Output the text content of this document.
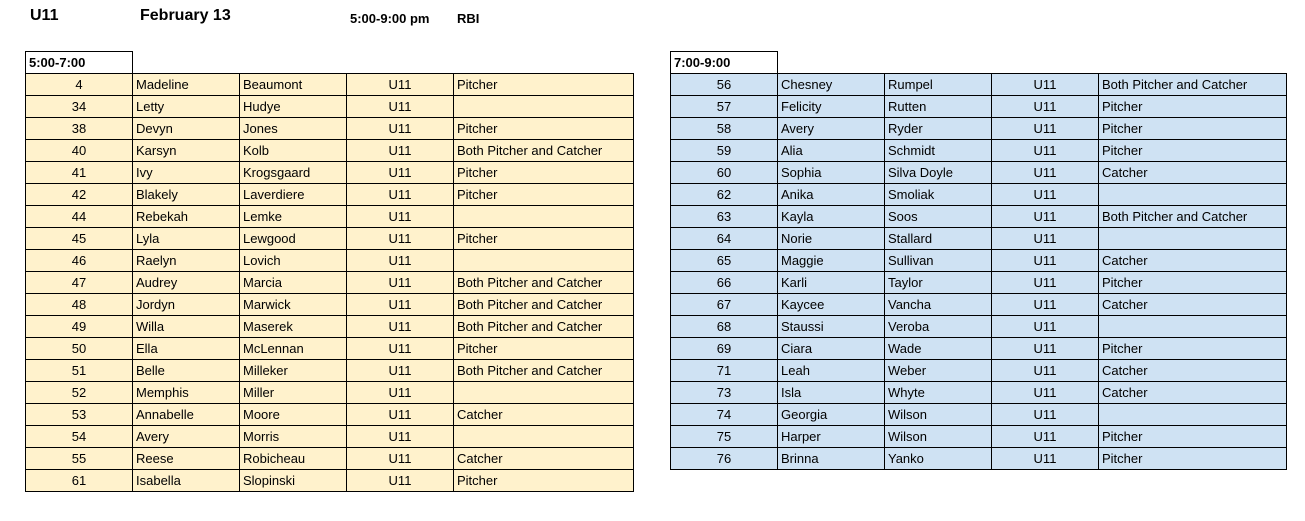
U11	February 13	5:00-9:00 pm RBI
5:00-7:00				
4	Madeline	Beaumont	U11	Pitcher
34	Letty	Hudye	U11	
38	Devyn	Jones	U11	Pitcher
40	Karsyn	Kolb	U11	Both Pitcher and Catcher
41	Ivy	Krogsgaard	U11	Pitcher
42	Blakely	Laverdiere	U11	Pitcher
44	Rebekah	Lemke	U11	
45	Lyla	Lewgood	U11	Pitcher
46	Raelyn	Lovich	U11	
47	Audrey	Marcia	U11	Both Pitcher and Catcher
48	Jordyn	Marwick	U11	Both Pitcher and Catcher
49	Willa	Maserek	U11	Both Pitcher and Catcher
50	Ella	McLennan	U11	Pitcher
51	Belle	Milleker	U11	Both Pitcher and Catcher
52	Memphis	Miller	U11	
53	Annabelle	Moore	U11	Catcher
54	Avery	Morris	U11	
55	Reese	Robicheau	U11	Catcher
61	Isabella	Slopinski	U11	Pitcher
7:00-9:00				
56	Chesney	Rumpel	U11	Both Pitcher and Catcher
57	Felicity	Rutten	U11	Pitcher
58	Avery	Ryder	U11	Pitcher
59	Alia	Schmidt	U11	Pitcher
60	Sophia	Silva Doyle	U11	Catcher
62	Anika	Smoliak	U11	
63	Kayla	Soos	U11	Both Pitcher and Catcher
64	Norie	Stallard	U11	
65	Maggie	Sullivan	U11	Catcher
66	Karli	Taylor	U11	Pitcher
67	Kaycee	Vancha	U11	Catcher
68	Staussi	Veroba	U11	
69	Ciara	Wade	U11	Pitcher
71	Leah	Weber	U11	Catcher
73	Isla	Whyte	U11	Catcher
74	Georgia	Wilson	U11	
75	Harper	Wilson	U11	Pitcher
76	Brinna	Yanko	U11	Pitcher
